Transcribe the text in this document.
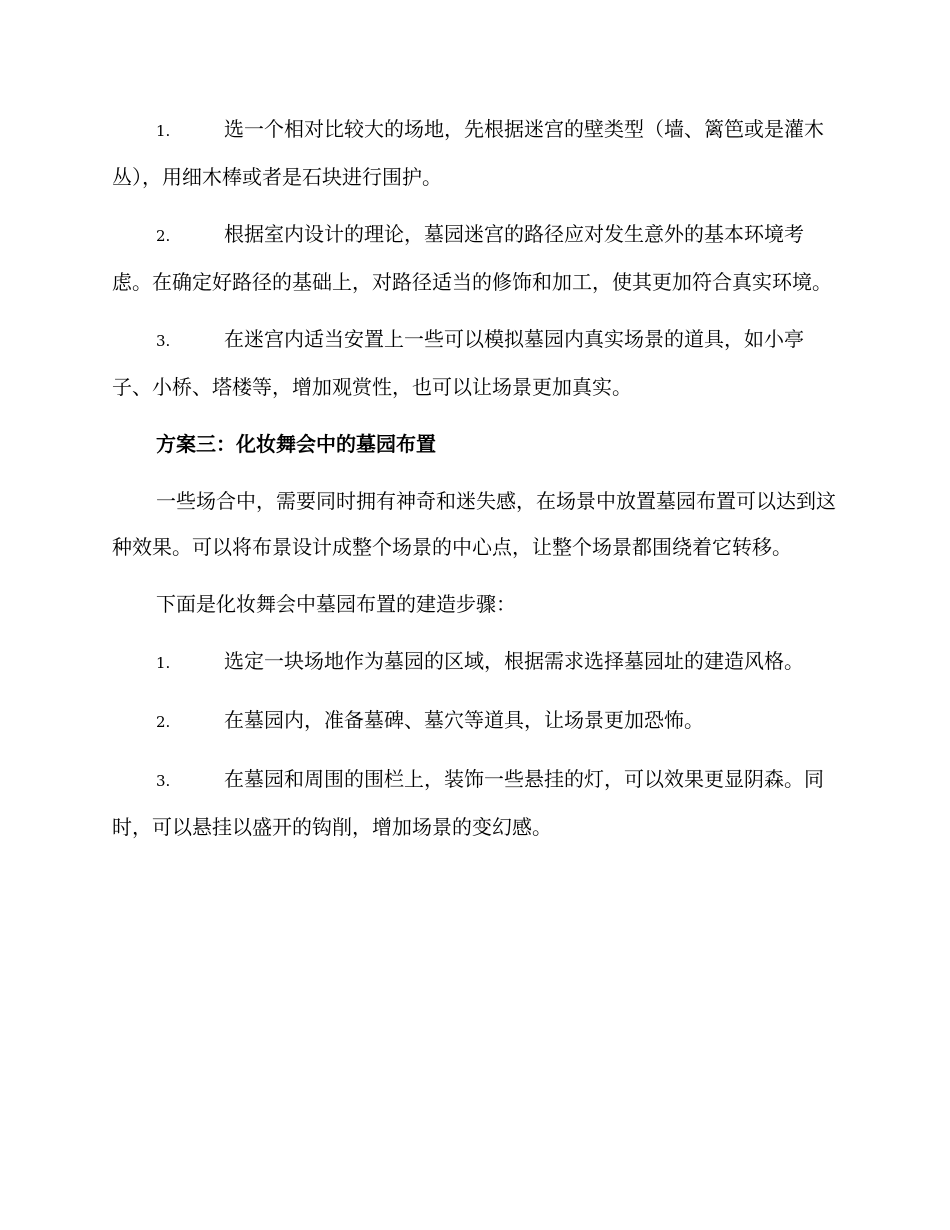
1.	选一个相对比较大的场地，先根据迷宫的壁类型（墙、篱笆或是灌木丛），用细木棒或者是石块进行围护。
2.	根据室内设计的理论，墓园迷宫的路径应对发生意外的基本环境考虑。在确定好路径的基础上，对路径适当的修饰和加工，使其更加符合真实环境。
3.	在迷宫内适当安置上一些可以模拟墓园内真实场景的道具，如小亭子、小桥、塔楼等，增加观赏性，也可以让场景更加真实。
方案三：化妆舞会中的墓园布置
一些场合中，需要同时拥有神奇和迷失感，在场景中放置墓园布置可以达到这种效果。可以将布景设计成整个场景的中心点，让整个场景都围绕着它转移。
下面是化妆舞会中墓园布置的建造步骤：
1.	选定一块场地作为墓园的区域，根据需求选择墓园址的建造风格。
2.	在墓园内，准备墓碑、墓穴等道具，让场景更加恐怖。
3.	在墓园和周围的围栏上，装饰一些悬挂的灯，可以效果更显阴森。同时，可以悬挂以盛开的钩削，增加场景的变幻感。
